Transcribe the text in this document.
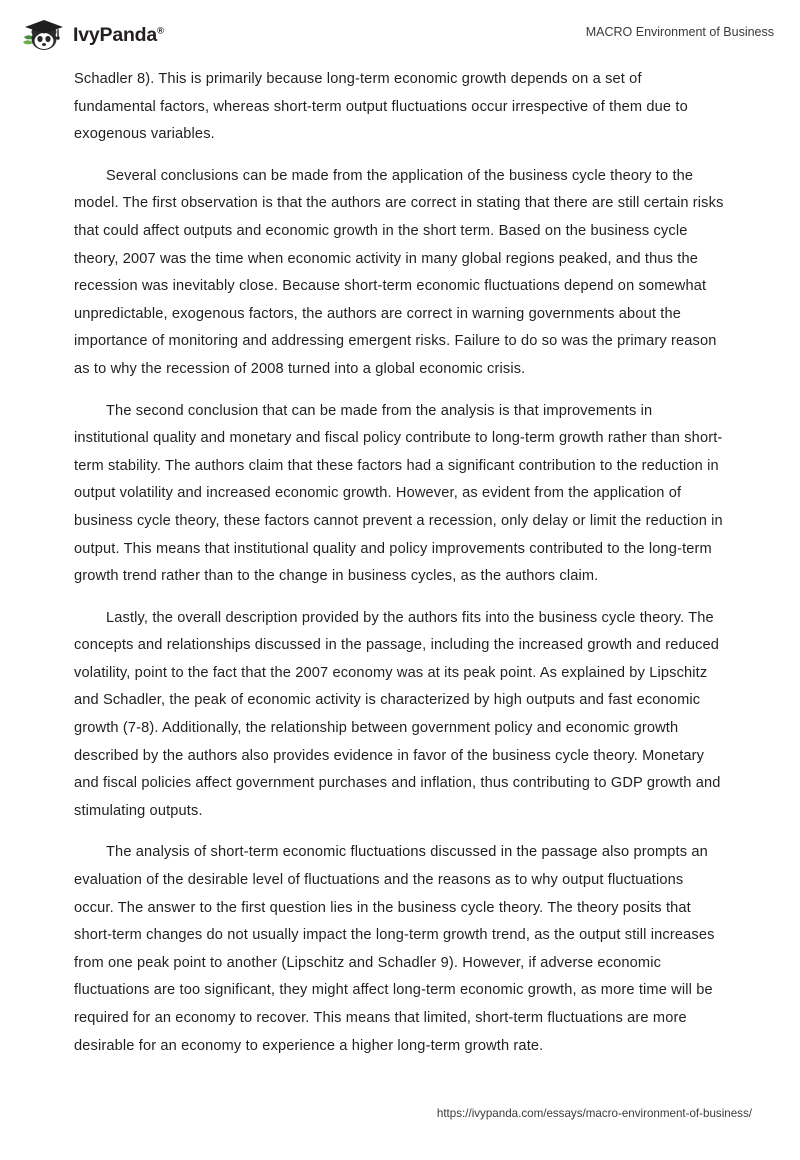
IvyPanda®	MACRO Environment of Business

Schadler 8). This is primarily because long-term economic growth depends on a set of fundamental factors, whereas short-term output fluctuations occur irrespective of them due to exogenous variables.

Several conclusions can be made from the application of the business cycle theory to the model. The first observation is that the authors are correct in stating that there are still certain risks that could affect outputs and economic growth in the short term. Based on the business cycle theory, 2007 was the time when economic activity in many global regions peaked, and thus the recession was inevitably close. Because short-term economic fluctuations depend on somewhat unpredictable, exogenous factors, the authors are correct in warning governments about the importance of monitoring and addressing emergent risks. Failure to do so was the primary reason as to why the recession of 2008 turned into a global economic crisis.

The second conclusion that can be made from the analysis is that improvements in institutional quality and monetary and fiscal policy contribute to long-term growth rather than short-term stability. The authors claim that these factors had a significant contribution to the reduction in output volatility and increased economic growth. However, as evident from the application of business cycle theory, these factors cannot prevent a recession, only delay or limit the reduction in output. This means that institutional quality and policy improvements contributed to the long-term growth trend rather than to the change in business cycles, as the authors claim.

Lastly, the overall description provided by the authors fits into the business cycle theory. The concepts and relationships discussed in the passage, including the increased growth and reduced volatility, point to the fact that the 2007 economy was at its peak point. As explained by Lipschitz and Schadler, the peak of economic activity is characterized by high outputs and fast economic growth (7-8). Additionally, the relationship between government policy and economic growth described by the authors also provides evidence in favor of the business cycle theory. Monetary and fiscal policies affect government purchases and inflation, thus contributing to GDP growth and stimulating outputs.

The analysis of short-term economic fluctuations discussed in the passage also prompts an evaluation of the desirable level of fluctuations and the reasons as to why output fluctuations occur. The answer to the first question lies in the business cycle theory. The theory posits that short-term changes do not usually impact the long-term growth trend, as the output still increases from one peak point to another (Lipschitz and Schadler 9). However, if adverse economic fluctuations are too significant, they might affect long-term economic growth, as more time will be required for an economy to recover. This means that limited, short-term fluctuations are more desirable for an economy to experience a higher long-term growth rate.

https://ivypanda.com/essays/macro-environment-of-business/
